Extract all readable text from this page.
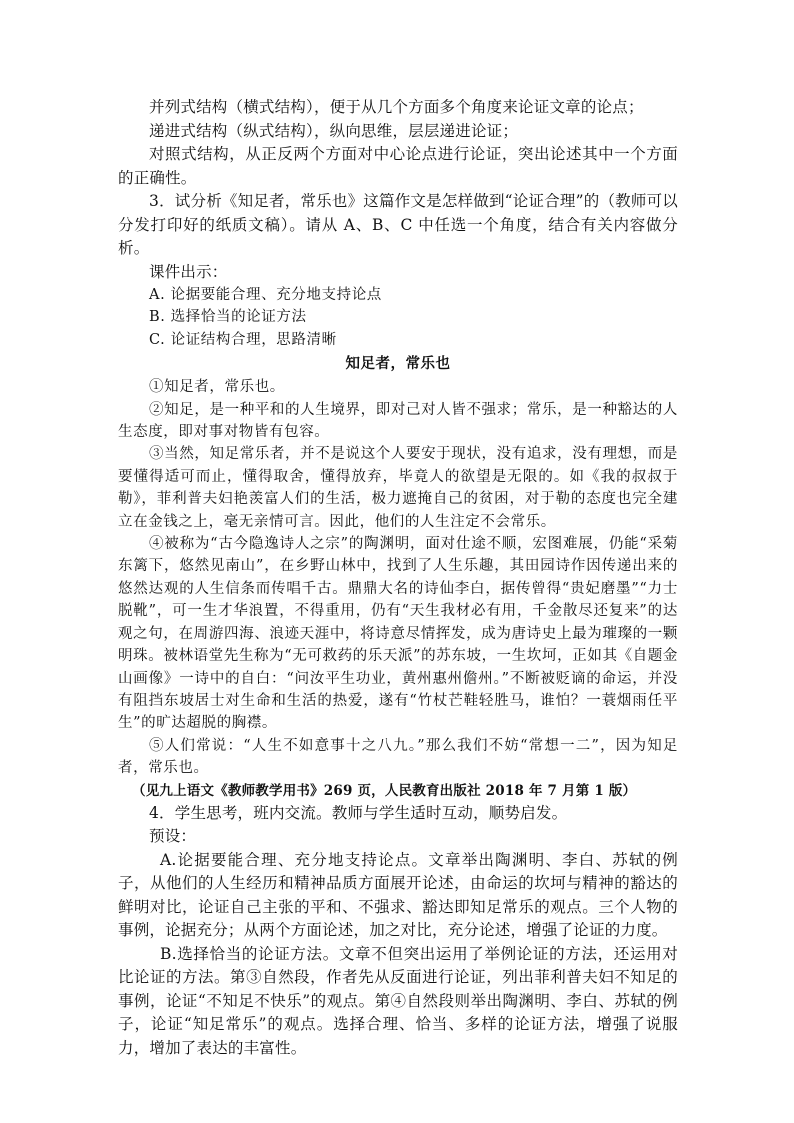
并列式结构（横式结构），便于从几个方面多个角度来论证文章的论点；

递进式结构（纵式结构），纵向思维，层层递进论证；

对照式结构，从正反两个方面对中心论点进行论证，突出论述其中一个方面的正确性。

3．试分析《知足者，常乐也》这篇作文是怎样做到“论证合理”的（教师可以分发打印好的纸质文稿）。请从 A、B、C 中任选一个角度，结合有关内容做分析。

课件出示：

A. 论据要能合理、充分地支持论点

B. 选择恰当的论证方法

C. 论证结构合理，思路清晰

知足者，常乐也

①知足者，常乐也。

②知足，是一种平和的人生境界，即对己对人皆不强求；常乐，是一种豁达的人生态度，即对事对物皆有包容。

③当然，知足常乐者，并不是说这个人要安于现状，没有追求，没有理想，而是要懂得适可而止，懂得取舍，懂得放弃，毕竟人的欲望是无限的。如《我的叔叔于勒》，菲利普夫妇艳羡富人们的生活，极力遮掩自己的贫困，对于勒的态度也完全建立在金钱之上，毫无亲情可言。因此，他们的人生注定不会常乐。

④被称为“古今隐逸诗人之宗”的陶渊明，面对仕途不顺，宏图难展，仍能“采菊东篱下，悠然见南山”，在乡野山林中，找到了人生乐趣，其田园诗作因传递出来的悠然达观的人生信条而传唱千古。鼎鼎大名的诗仙李白，据传曾得“贵妃磨墨”“力士脱靴”，可一生才华浪置，不得重用，仍有“天生我材必有用，千金散尽还复来”的达观之句，在周游四海、浪迹天涯中，将诗意尽情挥发，成为唐诗史上最为璀璨的一颗明珠。被林语堂先生称为“无可救药的乐天派”的苏东坡，一生坎坷，正如其《自题金山画像》一诗中的自白：“问汝平生功业，黄州惠州儋州。”不断被贬谪的命运，并没有阻挡东坡居士对生命和生活的热爱，遂有“竹杖芒鞋轻胜马，谁怕？一蓑烟雨任平生”的旷达超脱的胸襟。

⑤人们常说：“人生不如意事十之八九。”那么我们不妨“常想一二”，因为知足者，常乐也。

（见九上语文《教师教学用书》269 页，人民教育出版社 2018 年 7 月第 1 版）

4．学生思考，班内交流。教师与学生适时互动，顺势启发。

预设：

A.论据要能合理、充分地支持论点。文章举出陶渊明、李白、苏轼的例子，从他们的人生经历和精神品质方面展开论述，由命运的坎坷与精神的豁达的鲜明对比，论证自己主张的平和、不强求、豁达即知足常乐的观点。三个人物的事例，论据充分；从两个方面论述，加之对比，充分论述，增强了论证的力度。

B.选择恰当的论证方法。文章不但突出运用了举例论证的方法，还运用对比论证的方法。第③自然段，作者先从反面进行论证，列出菲利普夫妇不知足的事例，论证“不知足不快乐”的观点。第④自然段则举出陶渊明、李白、苏轼的例子，论证“知足常乐”的观点。选择合理、恰当、多样的论证方法，增强了说服力，增加了表达的丰富性。
